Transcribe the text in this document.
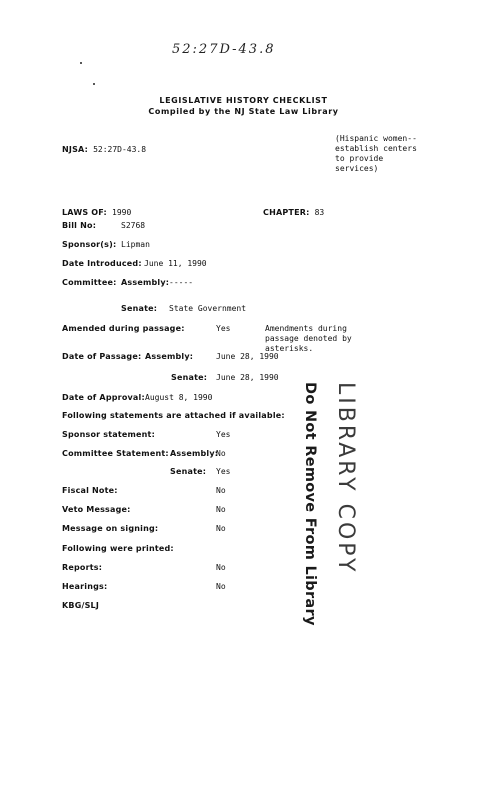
52:27D-43.8
LEGISLATIVE HISTORY CHECKLIST
Compiled by the NJ State Law Library
NJSA: 52:27D-43.8
(Hispanic women--establish centers to provide services)
LAWS OF: 1990	CHAPTER: 83
Bill No:	S2768
Sponsor(s): Lipman
Date Introduced: June 11, 1990
Committee: Assembly: -----
Senate: State Government
Amended during passage:	Yes	Amendments during passage denoted by asterisks.
Date of Passage: Assembly:	June 28, 1990
Senate: June 28, 1990
Date of Approval: August 8, 1990
Following statements are attached if available:
Sponsor statement:	Yes
Committee Statement: Assembly:
No
Senate: Yes
Fiscal Note:	No
Veto Message:	No
Message on signing:	No
Following were printed:
Reports:	No
Hearings:	No
KBG/SLJ	Do Not Remove From Library LIBRARY COPY
